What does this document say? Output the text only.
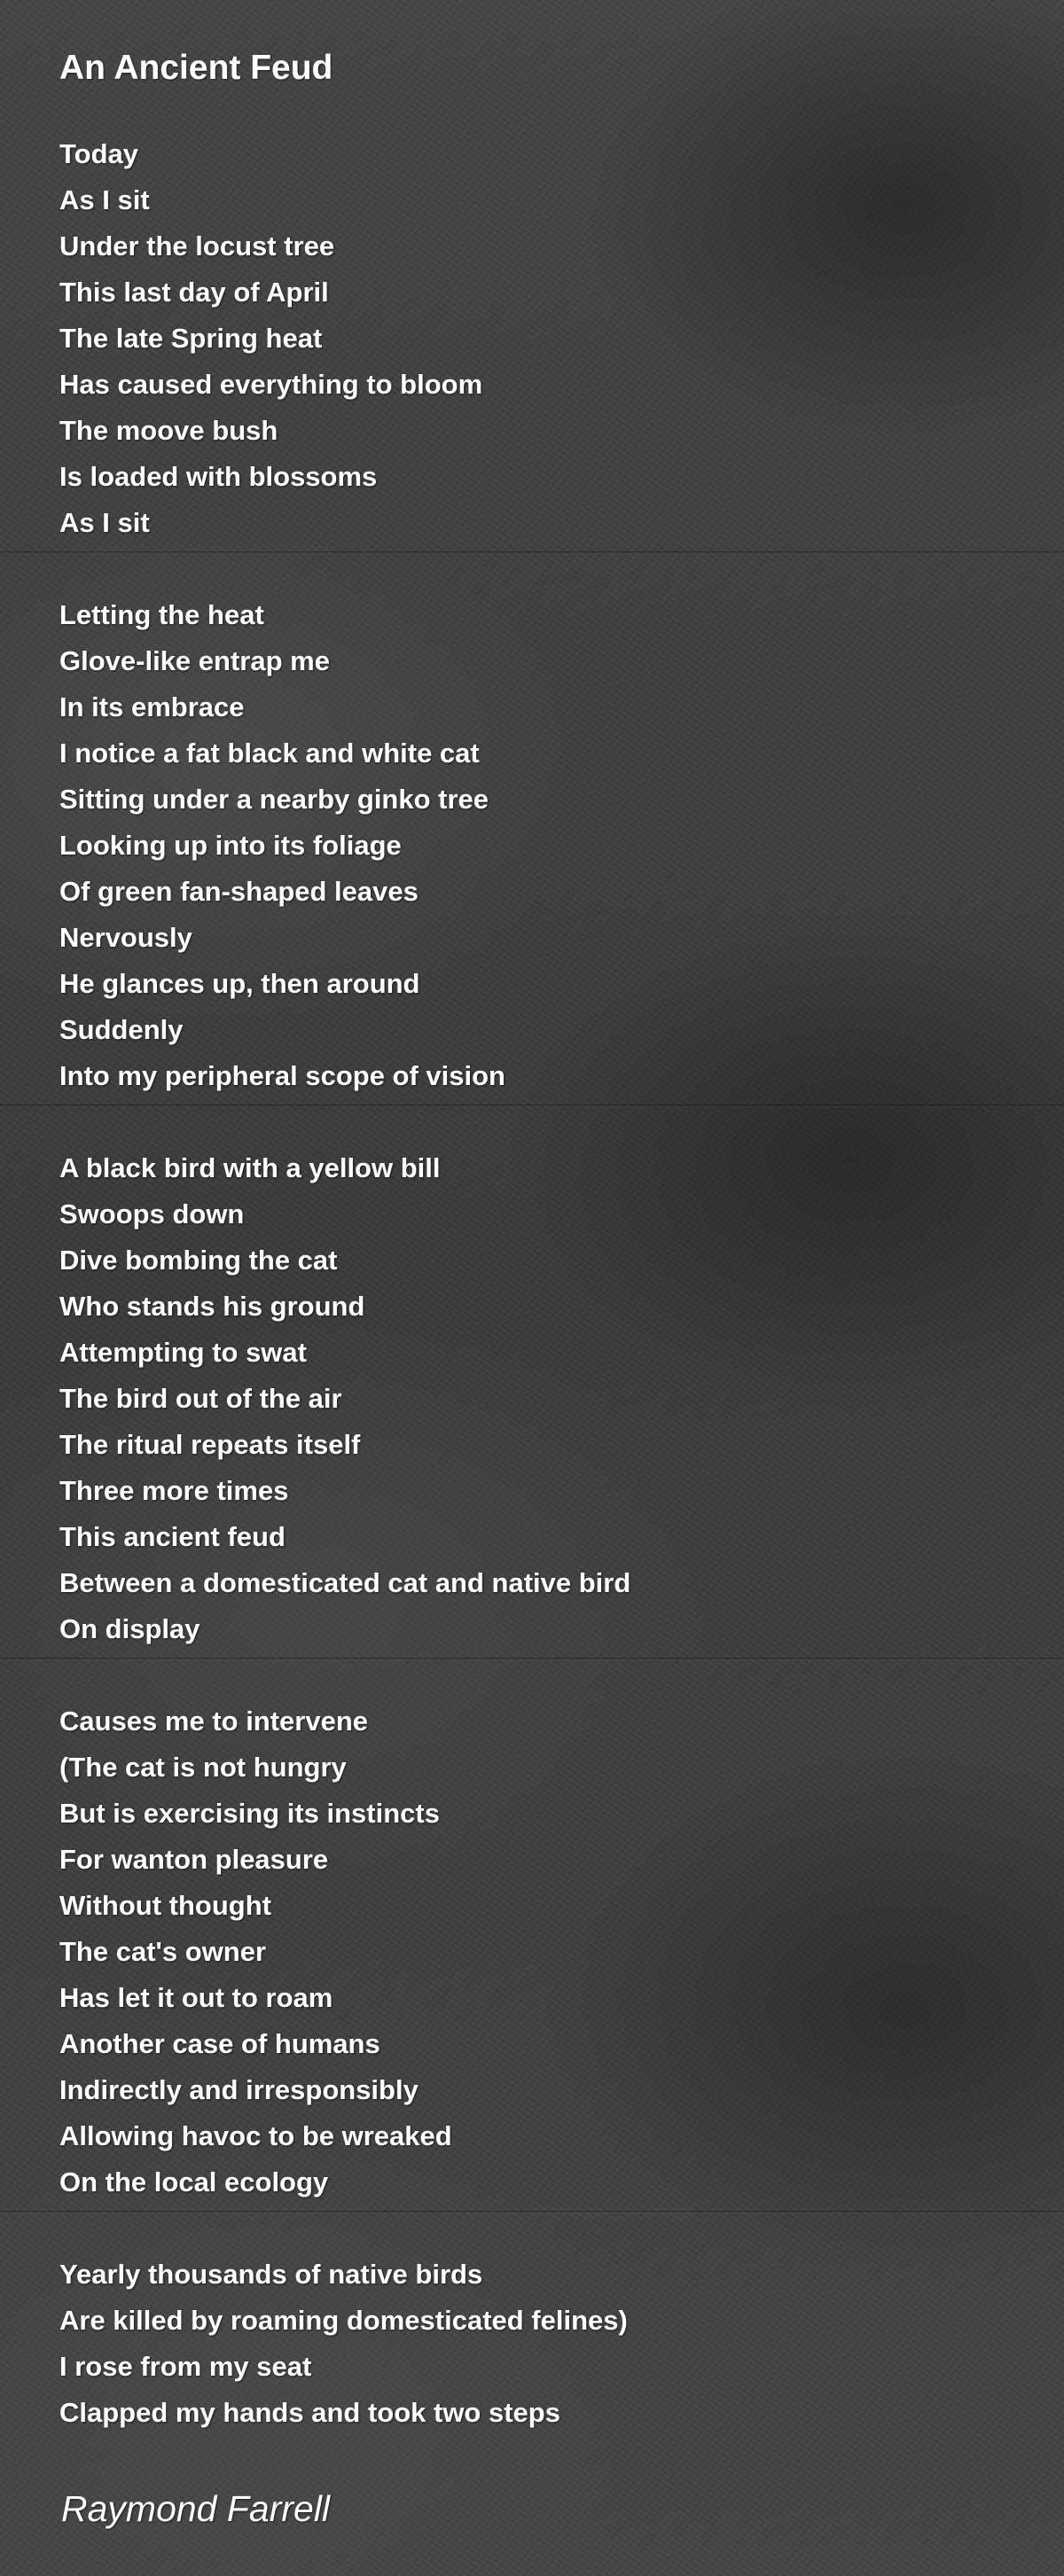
An Ancient Feud
Today
As I sit
Under the locust tree
This last day of April
The late Spring heat
Has caused everything to bloom
The moove bush
Is loaded with blossoms
As I sit
Letting the heat
Glove-like entrap me
In its embrace
I notice a fat black and white cat
Sitting under a nearby ginko tree
Looking up into its foliage
Of green fan-shaped leaves
Nervously
He glances up, then around
Suddenly
Into my peripheral scope of vision
A black bird with a yellow bill
Swoops down
Dive bombing the cat
Who stands his ground
Attempting to swat
The bird out of the air
The ritual repeats itself
Three more times
This ancient feud
Between a domesticated cat and native bird
On display
Causes me to intervene
(The cat is not hungry
But is exercising its instincts
For wanton pleasure
Without thought
The cat's owner
Has let it out to roam
Another case of humans
Indirectly and irresponsibly
Allowing havoc to be wreaked
On the local ecology
Yearly thousands of native birds
Are killed by roaming domesticated felines)
I rose from my seat
Clapped my hands and took two steps

Raymond Farrell
